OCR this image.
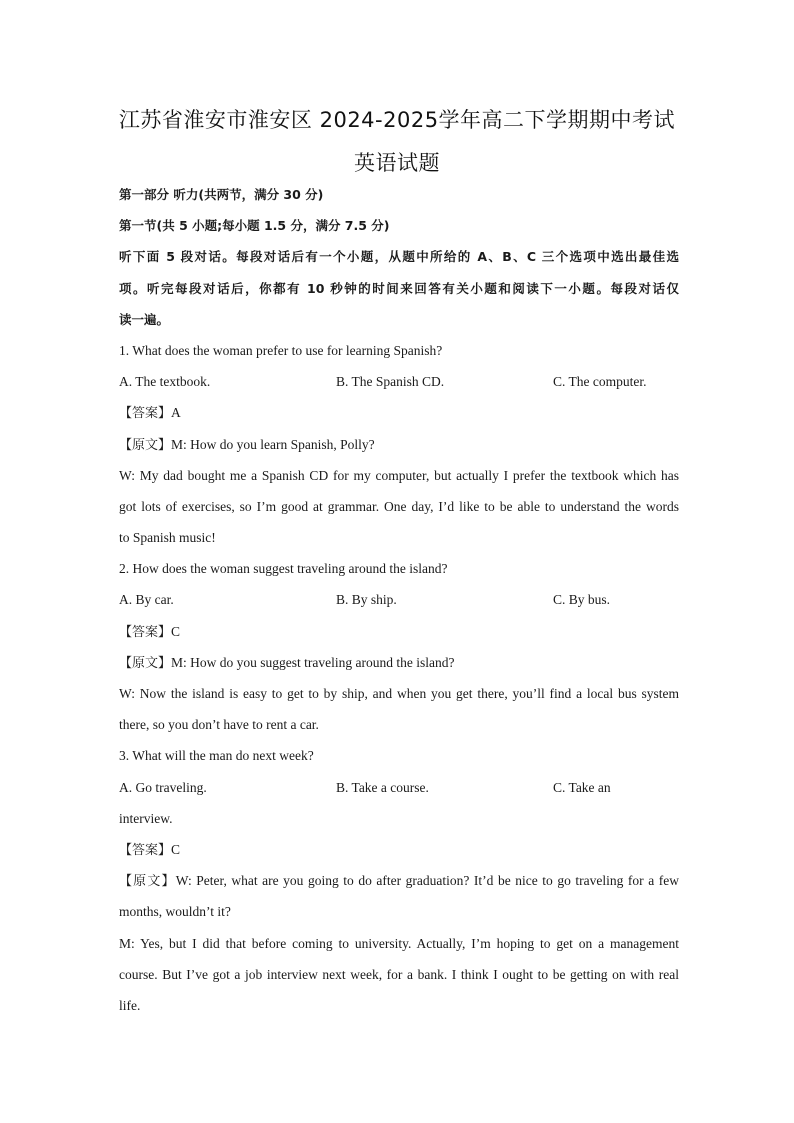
江苏省淮安市淮安区 2024-2025学年高二下学期期中考试
英语试题
第一部分 听力(共两节，满分 30 分)
第一节(共 5 小题;每小题 1.5 分，满分 7.5 分)
听下面 5 段对话。每段对话后有一个小题，从题中所给的 A、B、C 三个选项中选出最佳选
项。听完每段对话后，你都有 10 秒钟的时间来回答有关小题和阅读下一小题。每段对话仅
读一遍。
1. What does the woman prefer to use for learning Spanish?
A. The textbook.	B. The Spanish CD.	C. The computer.
【答案】A
【原文】M: How do you learn Spanish, Polly?
W: My dad bought me a Spanish CD for my computer, but actually I prefer the textbook which has
got lots of exercises, so I’m good at grammar. One day, I’d like to be able to understand the words
to Spanish music!
2. How does the woman suggest traveling around the island?
A. By car.	B. By ship.	C. By bus.
【答案】C
【原文】M: How do you suggest traveling around the island?
W: Now the island is easy to get to by ship, and when you get there, you’ll find a local bus system
there, so you don’t have to rent a car.
3. What will the man do next week?
A. Go traveling.	B. Take a course.	C. Take an
interview.
【答案】C
【原文】W: Peter, what are you going to do after graduation? It’d be nice to go traveling for a few
months, wouldn’t it?
M: Yes, but I did that before coming to university. Actually, I’m hoping to get on a management
course. But I’ve got a job interview next week, for a bank. I think I ought to be getting on with real
life.
